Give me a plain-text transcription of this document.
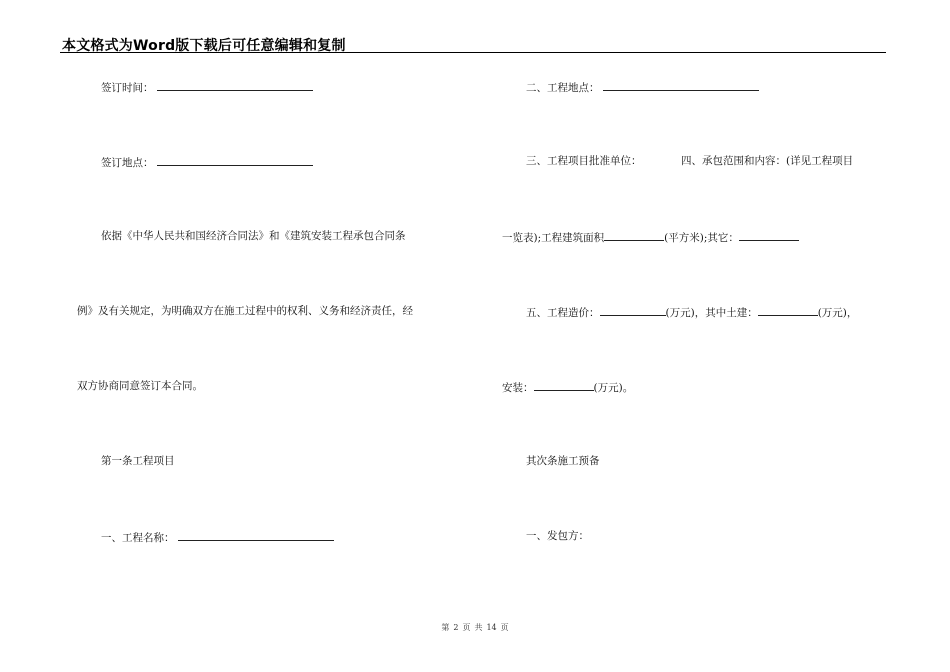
本文格式为Word版下载后可任意编辑和复制
签订时间：
签订地点：
依据《中华人民共和国经济合同法》和《建筑安装工程承包合同条
例》及有关规定，为明确双方在施工过程中的权利、义务和经济责任，经
双方协商同意签订本合同。
第一条工程项目
一、工程名称：
二、工程地点：
三、工程项目批准单位：	四、承包范围和内容：(详见工程项目
一览表);工程建筑面积	(平方米);其它：
五、工程造价：	(万元)，其中土建：	(万元)，
安装：	(万元)。
其次条施工预备
一、发包方：
第 2 页 共 14 页
